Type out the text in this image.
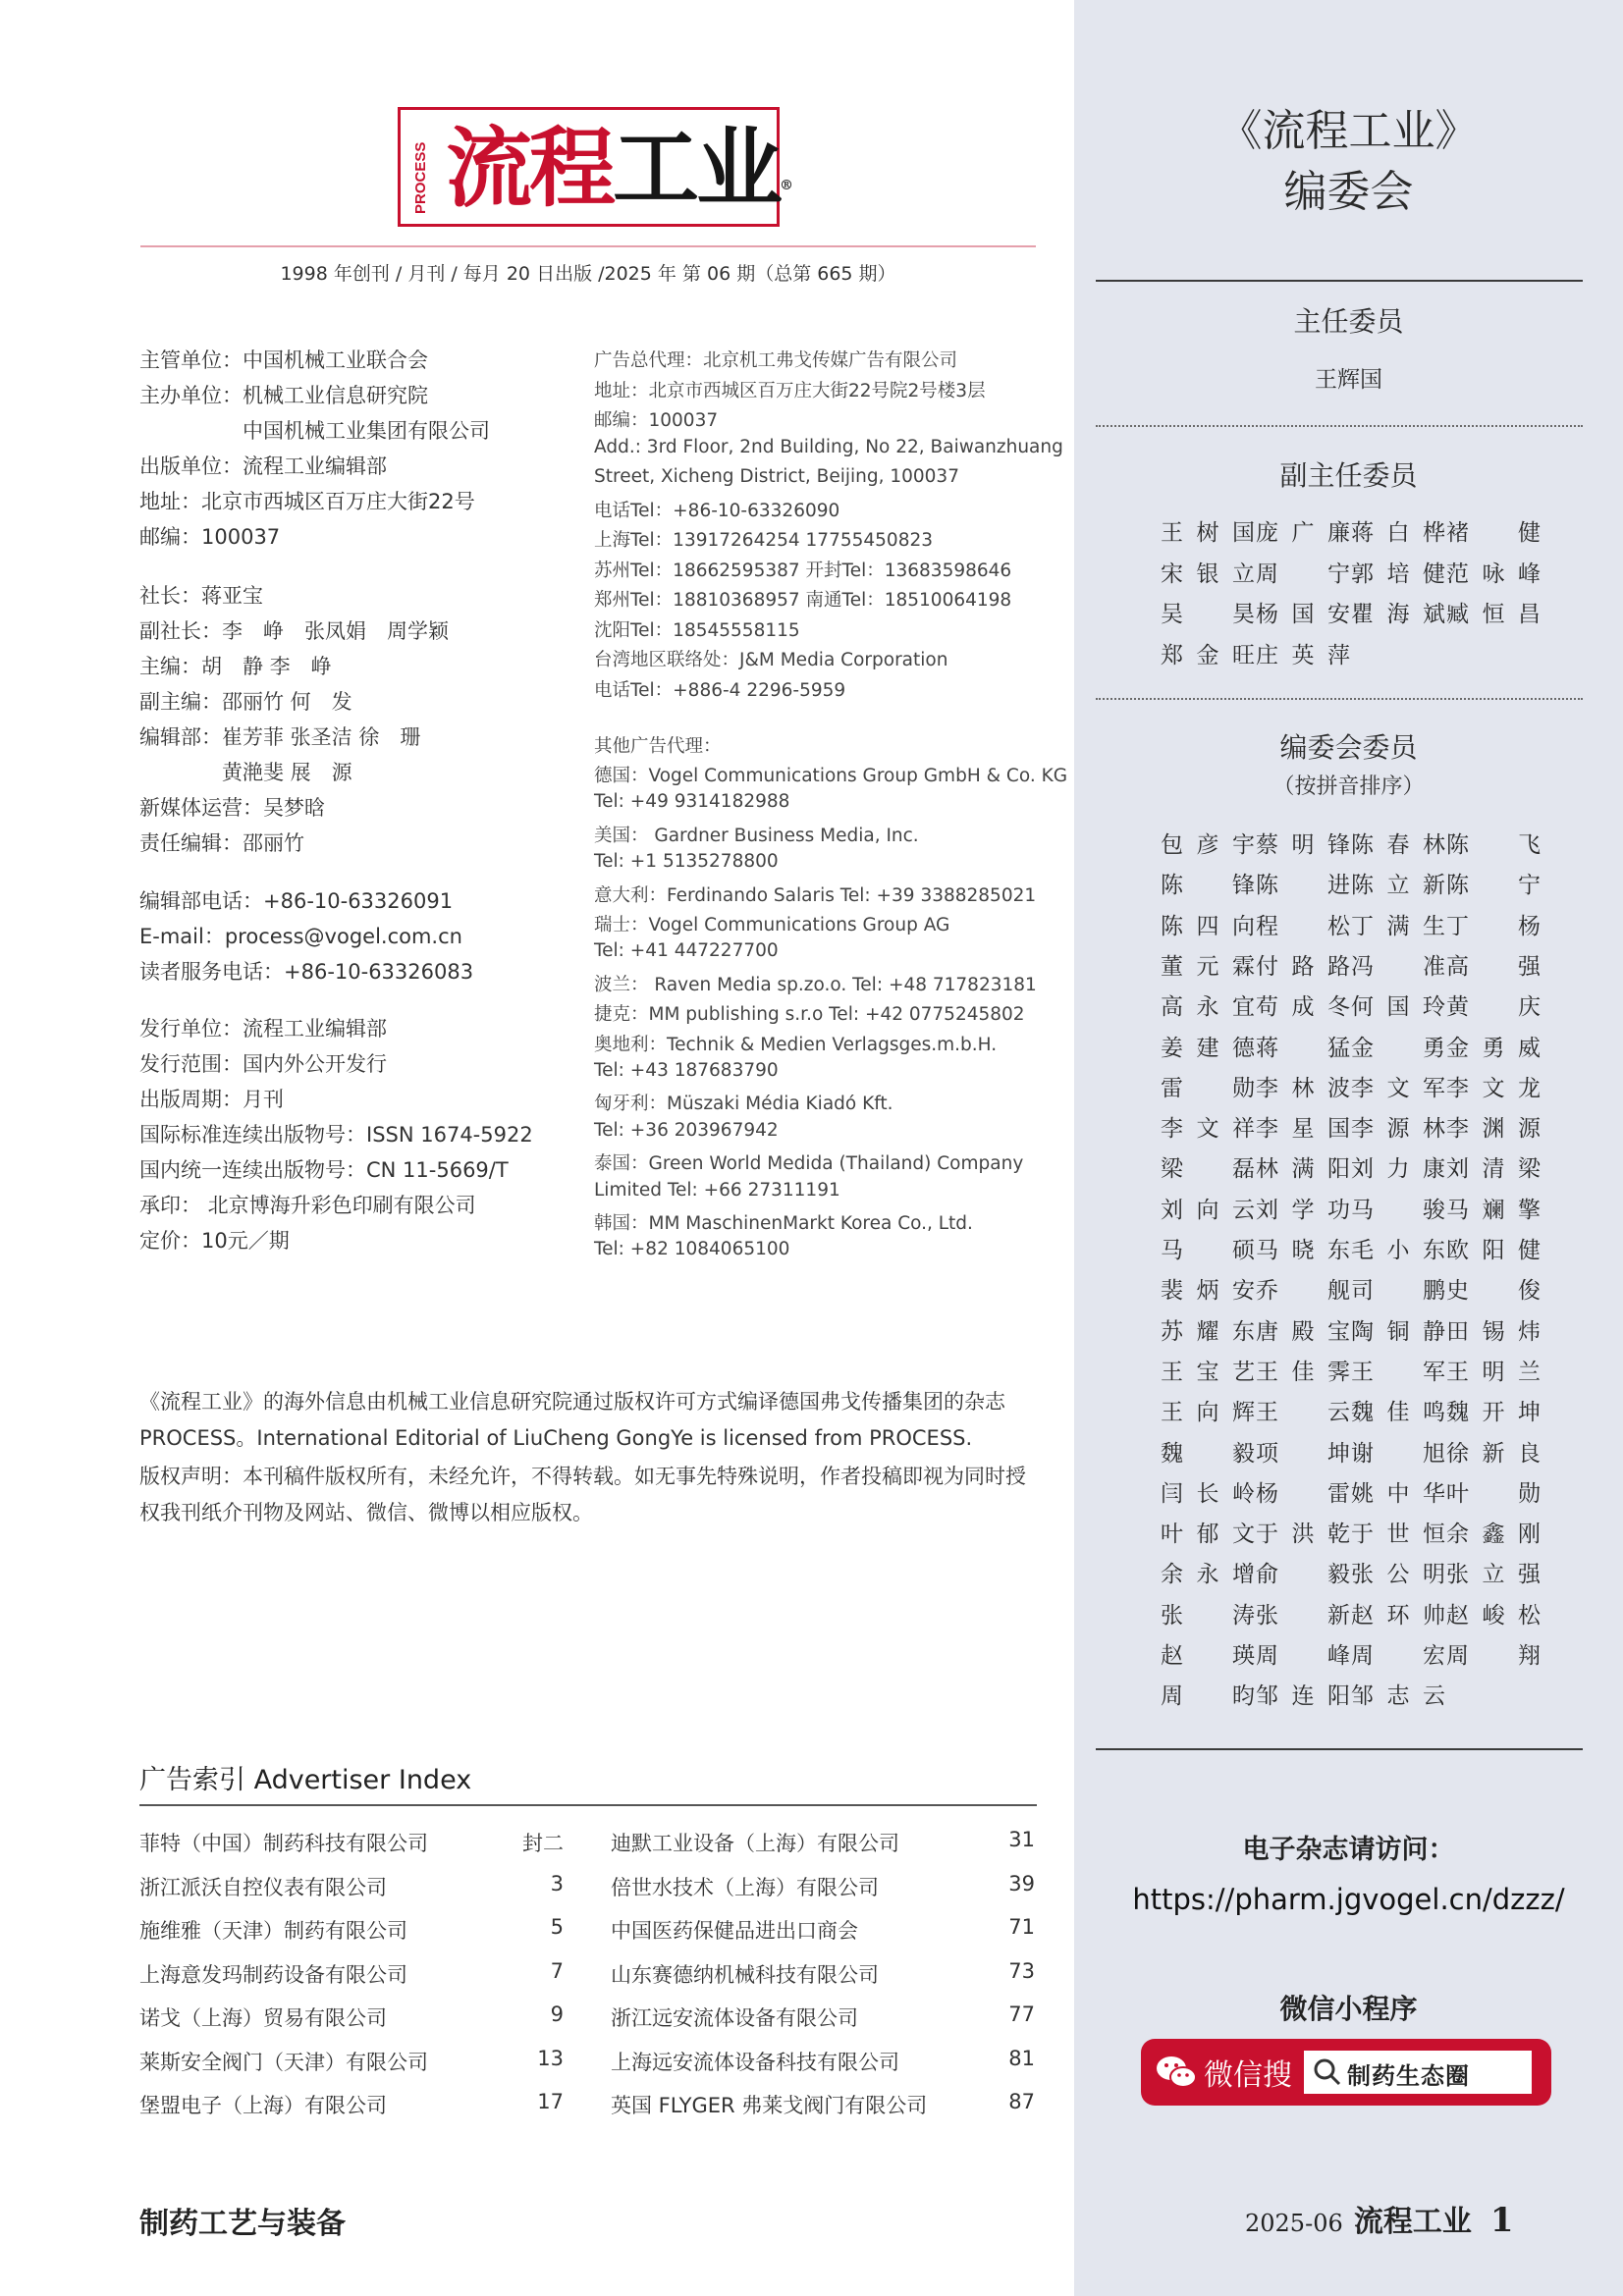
PROCESS 流程工业®
1998 年创刊 / 月刊 / 每月 20 日出版 /2025 年 第 06 期（总第 665 期）
主管单位：中国机械工业联合会
主办单位：机械工业信息研究院
　　　　　中国机械工业集团有限公司
出版单位：流程工业编辑部
地址：北京市西城区百万庄大街22号
邮编：100037
社长：蒋亚宝
副社长：李　峥　张凤娟　周学颖
主编：胡　静 李　峥
副主编：邵丽竹 何　发
编辑部：崔芳菲 张圣洁 徐　珊
　　　　黄滟斐 展　源
新媒体运营：吴梦晗
责任编辑：邵丽竹
编辑部电话：+86-10-63326091
E-mail：process@vogel.com.cn
读者服务电话：+86-10-63326083
发行单位：流程工业编辑部
发行范围：国内外公开发行
出版周期：月刊
国际标准连续出版物号：ISSN 1674-5922
国内统一连续出版物号：CN 11-5669/T
承印： 北京博海升彩色印刷有限公司
定价：10元／期
广告总代理：北京机工弗戈传媒广告有限公司
地址：北京市西城区百万庄大街22号院2号楼3层
邮编：100037
Add.: 3rd Floor, 2nd Building, No 22, Baiwanzhuang
Street, Xicheng District, Beijing, 100037
电话Tel：+86-10-63326090
上海Tel：13917264254 17755450823
苏州Tel：18662595387 开封Tel：13683598646
郑州Tel：18810368957 南通Tel：18510064198
沈阳Tel：18545558115
台湾地区联络处：J&M Media Corporation
电话Tel：+886-4 2296-5959
其他广告代理：
德国：Vogel Communications Group GmbH & Co. KG
Tel: +49 9314182988
美国： Gardner Business Media, Inc.
Tel: +1 5135278800
意大利：Ferdinando Salaris Tel: +39 3388285021
瑞士：Vogel Communications Group AG
Tel: +41 447227700
波兰： Raven Media sp.zo.o. Tel: +48 717823181
捷克：MM publishing s.r.o Tel: +42 0775245802
奥地利：Technik & Medien Verlagsges.m.b.H.
Tel: +43 187683790
匈牙利：Müszaki Média Kiadó Kft.
Tel: +36 203967942
泰国：Green World Medida (Thailand) Company
Limited Tel: +66 27311191
韩国：MM MaschinenMarkt Korea Co., Ltd.
Tel: +82 1084065100
《流程工业》的海外信息由机械工业信息研究院通过版权许可方式编译德国弗戈传播集团的杂志 PROCESS。International Editorial of LiuCheng GongYe is licensed from PROCESS.
版权声明：本刊稿件版权所有，未经允许，不得转载。如无事先特殊说明，作者投稿即视为同时授权我刊纸介刊物及网站、微信、微博以相应版权。
广告索引 Advertiser Index
菲特（中国）制药科技有限公司	封二
浙江派沃自控仪表有限公司	3
施维雅（天津）制药有限公司	5
上海意发玛制药设备有限公司	7
诺戈（上海）贸易有限公司	9
莱斯安全阀门（天津）有限公司	13
堡盟电子（上海）有限公司	17
迪默工业设备（上海）有限公司	31
倍世水技术（上海）有限公司	39
中国医药保健品进出口商会	71
山东赛德纳机械科技有限公司	73
浙江远安流体设备有限公司	77
上海远安流体设备科技有限公司	81
英国 FLYGER 弗莱戈阀门有限公司	87
制药工艺与装备
《流程工业》
编委会
主任委员
王辉国
副主任委员
王树国 庞广廉 蒋白桦 褚　健
宋银立 周　宁 郭培健 范咏峰
吴　昊 杨国安 瞿海斌 臧恒昌
郑金旺 庄英萍
编委会委员
（按拼音排序）
包彦宇 蔡明锋 陈春林 陈　飞
陈　锋 陈　进 陈立新 陈　宁
陈四向 程　松 丁满生 丁　杨
董元霖 付路路 冯　准 高　强
高永宜 苟成冬 何国玲 黄　庆
姜建德 蒋　猛 金　勇 金勇威
雷　勋 李林波 李文军 李文龙
李文祥 李星国 李源林 李渊源
梁　磊 林满阳 刘力康 刘清梁
刘向云 刘学功 马　骏 马斓擎
马　硕 马晓东 毛小东 欧阳健
裴炳安 乔　舰 司　鹏 史　俊
苏耀东 唐殿宝 陶铜静 田锡炜
王宝艺 王佳霁 王　军 王明兰
王向辉 王　云 魏佳鸣 魏开坤
魏　毅 项　坤 谢　旭 徐新良
闫长岭 杨　雷 姚中华 叶　勋
叶郁文 于洪乾 于世恒 余鑫刚
余永增 俞　毅 张公明 张立强
张　涛 张　新 赵环帅 赵峻松
赵　瑛 周　峰 周　宏 周　翔
周　昀 邹连阳 邹志云
电子杂志请访问：
https://pharm.jgvogel.cn/dzzz/
微信小程序
微信搜 制药生态圈
2025-06 流程工业 1
